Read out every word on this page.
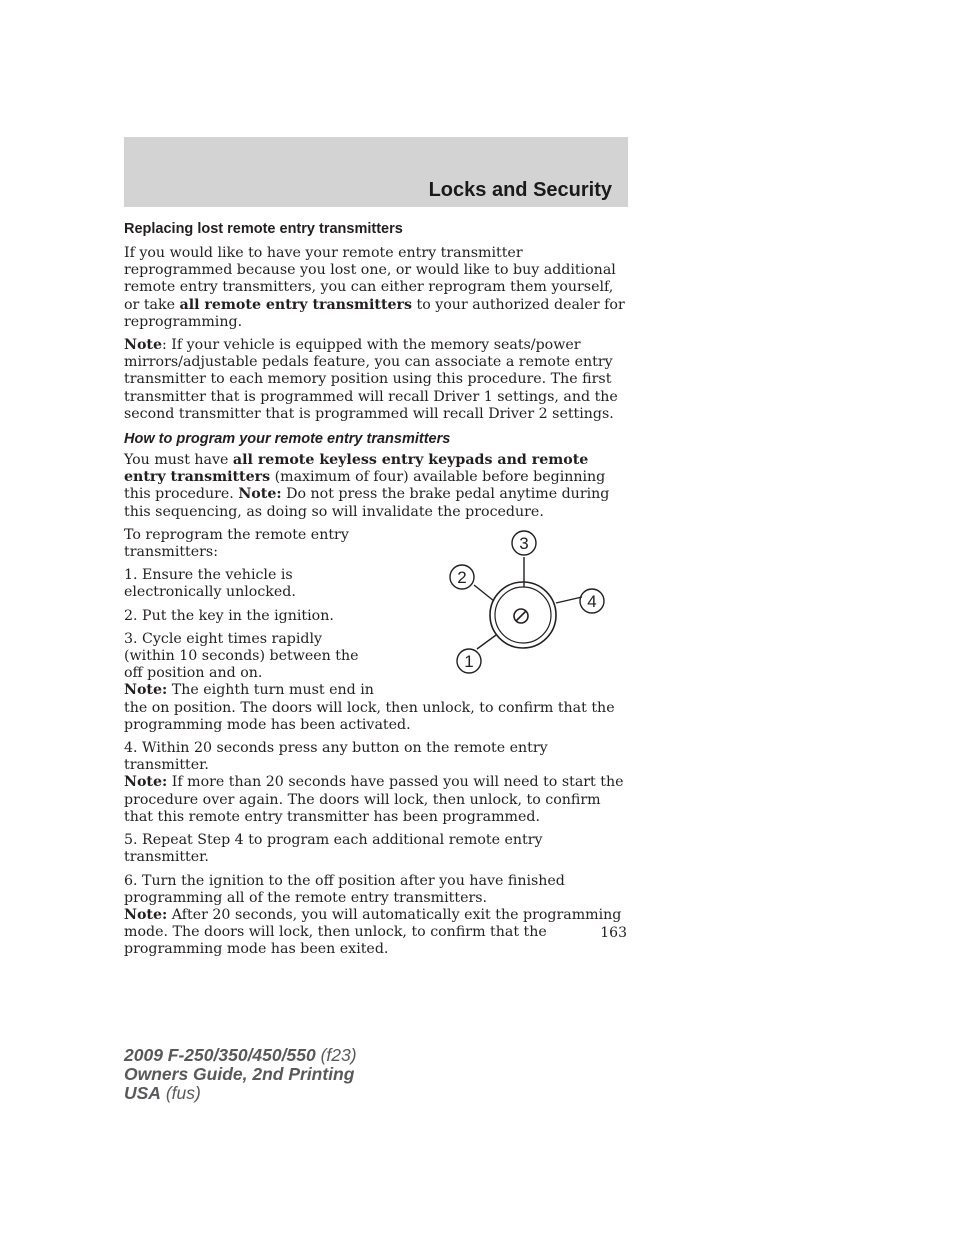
Locks and Security
Replacing lost remote entry transmitters

If you would like to have your remote entry transmitter reprogrammed because you lost one, or would like to buy additional remote entry transmitters, you can either reprogram them yourself, or take all remote entry transmitters to your authorized dealer for reprogramming.

Note: If your vehicle is equipped with the memory seats/power mirrors/adjustable pedals feature, you can associate a remote entry transmitter to each memory position using this procedure. The first transmitter that is programmed will recall Driver 1 settings, and the second transmitter that is programmed will recall Driver 2 settings.

How to program your remote entry transmitters

You must have all remote keyless entry keypads and remote entry transmitters (maximum of four) available before beginning this procedure. Note: Do not press the brake pedal anytime during this sequencing, as doing so will invalidate the procedure.

3
2
4
1

To reprogram the remote entry transmitters:

1. Ensure the vehicle is electronically unlocked.

2. Put the key in the ignition.

3. Cycle eight times rapidly (within 10 seconds) between the off position and on.
Note: The eighth turn must end in the on position. The doors will lock, then unlock, to confirm that the programming mode has been activated.

4. Within 20 seconds press any button on the remote entry transmitter.
Note: If more than 20 seconds have passed you will need to start the procedure over again. The doors will lock, then unlock, to confirm that this remote entry transmitter has been programmed.

5. Repeat Step 4 to program each additional remote entry transmitter.

6. Turn the ignition to the off position after you have finished programming all of the remote entry transmitters.
Note: After 20 seconds, you will automatically exit the programming mode. The doors will lock, then unlock, to confirm that the programming mode has been exited.

163
2009 F-250/350/450/550 (f23)
Owners Guide, 2nd Printing
USA (fus)
